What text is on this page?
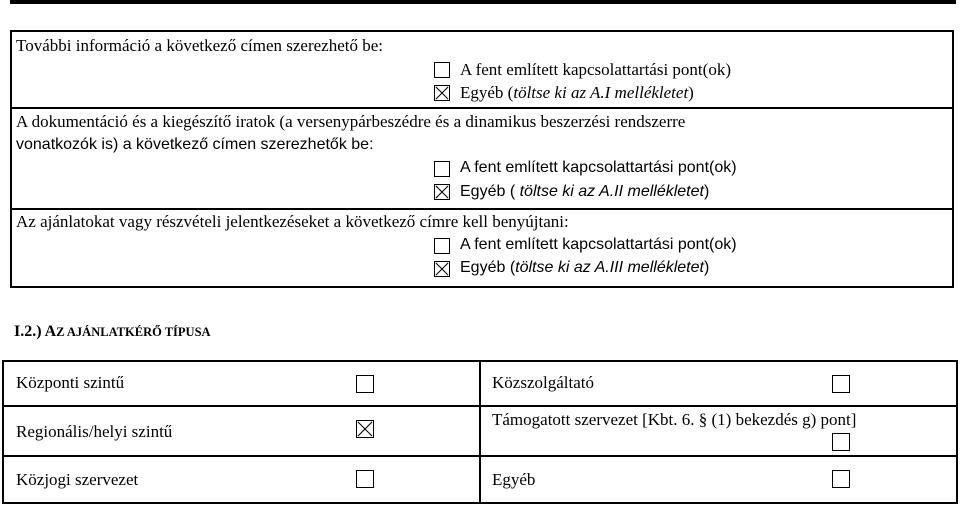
További információ a következő címen szerezhető be:
A fent említett kapcsolattartási pont(ok)
Egyéb (töltse ki az A.I mellékletet)
A dokumentáció és a kiegészítő iratok (a versenypárbeszédre és a dinamikus beszerzési rendszerre
vonatkozók is) a következő címen szerezhetők be:
A fent említett kapcsolattartási pont(ok)
Egyéb ( töltse ki az A.II mellékletet)
Az ajánlatokat vagy részvételi jelentkezéseket a következő címre kell benyújtani:
A fent említett kapcsolattartási pont(ok)
Egyéb (töltse ki az A.III mellékletet)
I.2.) AZ AJÁNLATKÉRŐ TÍPUSA
Központi szintű
Regionális/helyi szintű
Közjogi szervezet
Közszolgáltató
Támogatott szervezet [Kbt. 6. § (1) bekezdés g) pont]
Egyéb
